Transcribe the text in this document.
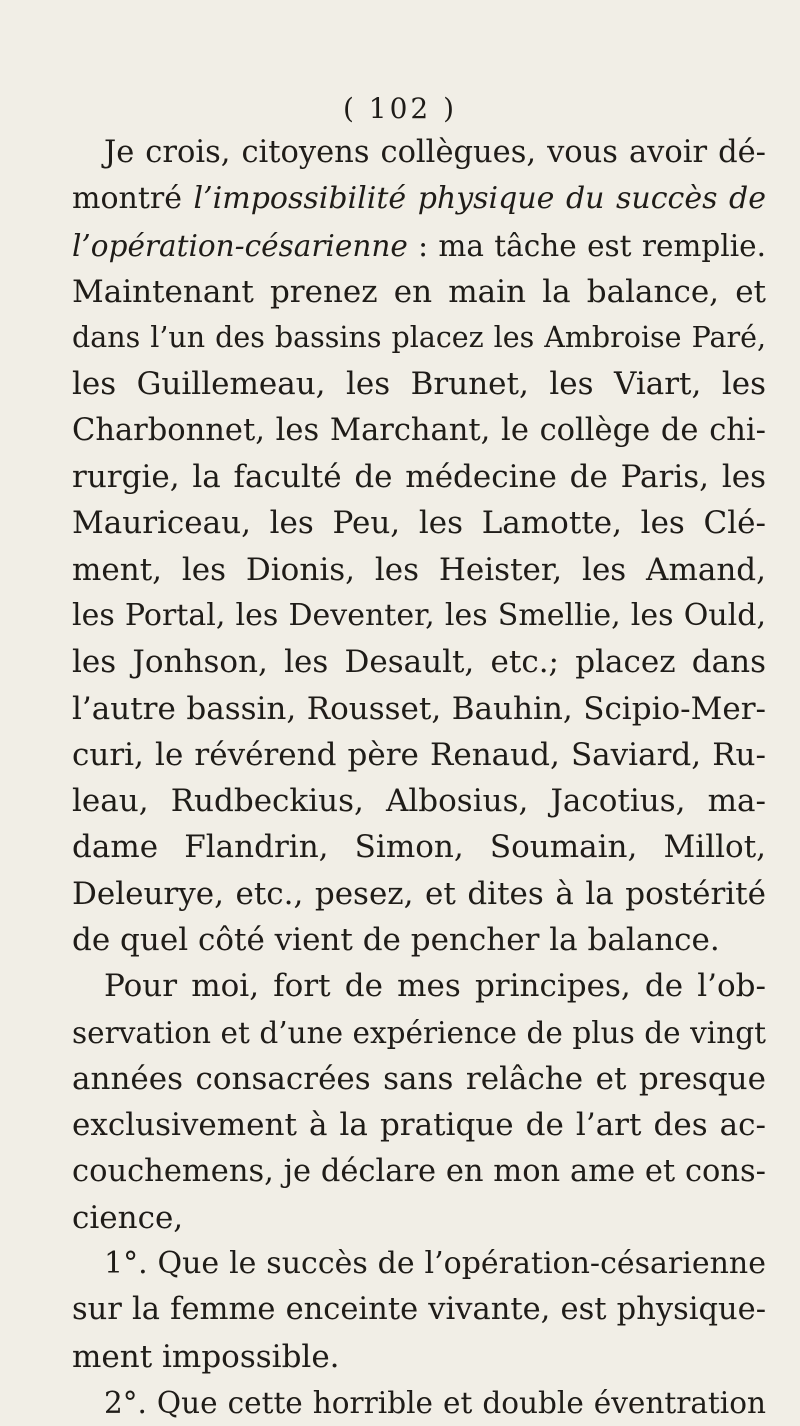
( 102 )
Je crois, citoyens collègues, vous avoir dé-
montré l’impossibilité physique du succès de
l’opération-césarienne : ma tâche est remplie.
Maintenant prenez en main la balance, et
dans l’un des bassins placez les Ambroise Paré,
les Guillemeau, les Brunet, les Viart, les
Charbonnet, les Marchant, le collège de chi-
rurgie, la faculté de médecine de Paris, les
Mauriceau, les Peu, les Lamotte, les Clé-
ment, les Dionis, les Heister, les Amand,
les Portal, les Deventer, les Smellie, les Ould,
les Jonhson, les Desault, etc.; placez dans
l’autre bassin, Rousset, Bauhin, Scipio-Mer-
curi, le révérend père Renaud, Saviard, Ru-
leau, Rudbeckius, Albosius, Jacotius, ma-
dame Flandrin, Simon, Soumain, Millot,
Deleurye, etc., pesez, et dites à la postérité
de quel côté vient de pencher la balance.
Pour moi, fort de mes principes, de l’ob-
servation et d’une expérience de plus de vingt
années consacrées sans relâche et presque
exclusivement à la pratique de l’art des ac-
couchemens, je déclare en mon ame et cons-
cience,
1°. Que le succès de l’opération-césarienne
sur la femme enceinte vivante, est physique-
ment impossible.
2°. Que cette horrible et double éventration
